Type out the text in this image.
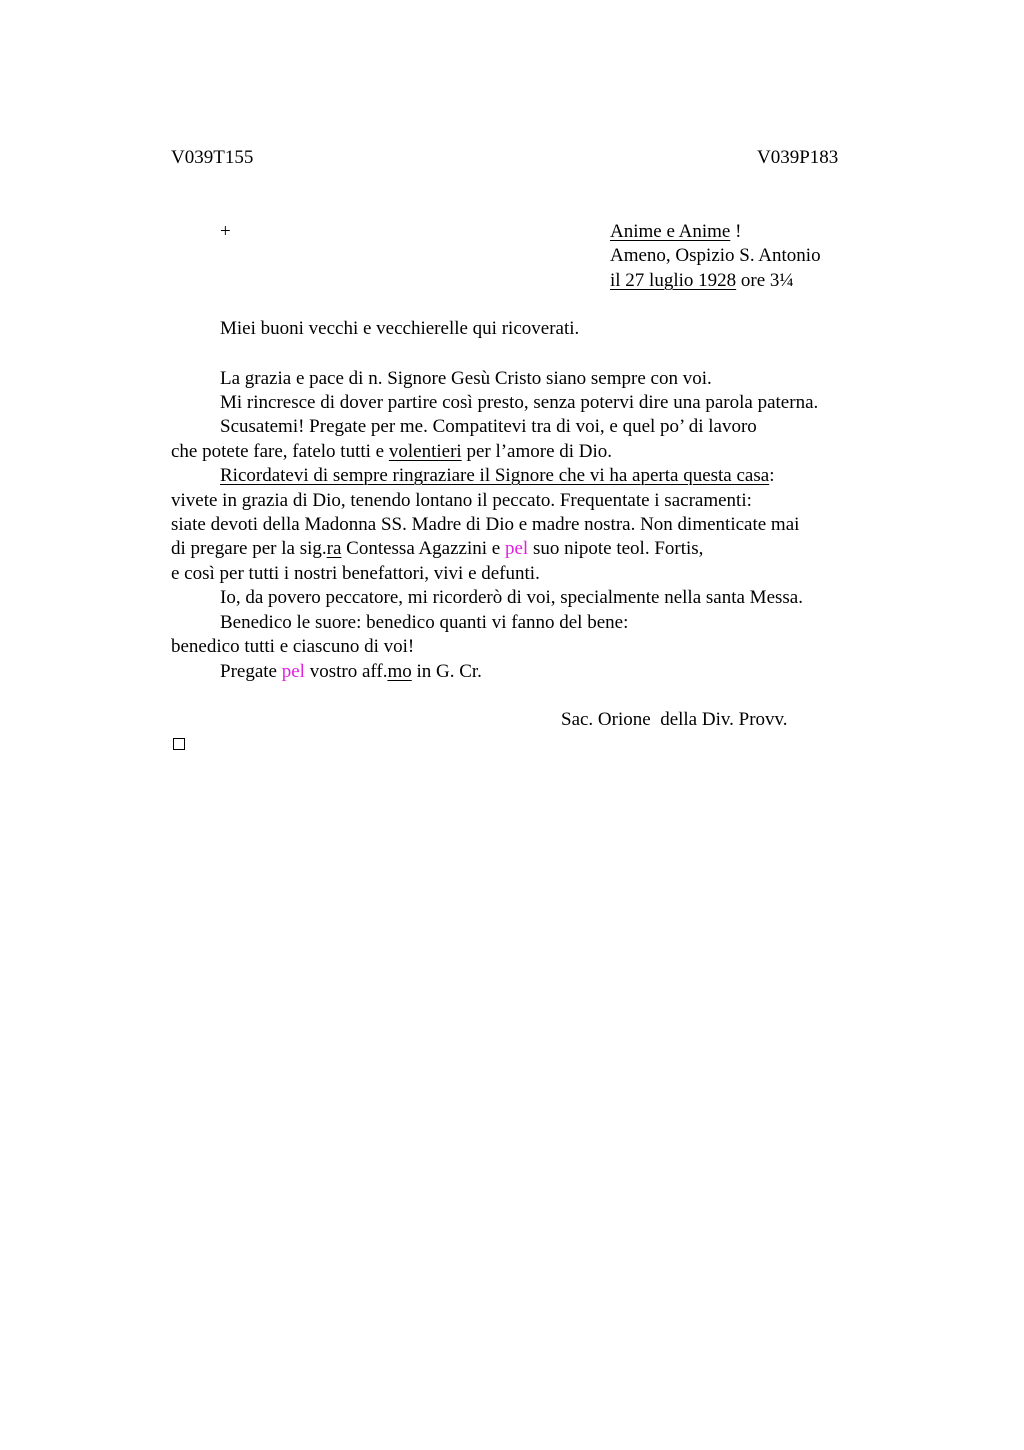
V039T155	V039P183
+	Anime e Anime !
Ameno, Ospizio S. Antonio
il 27 luglio 1928 ore 3¼
Miei buoni vecchi e vecchierelle qui ricoverati.
La grazia e pace di n. Signore Gesù Cristo siano sempre con voi.
Mi rincresce di dover partire così presto, senza potervi dire una parola paterna.
Scusatemi! Pregate per me. Compatitevi tra di voi, e quel po’ di lavoro
che potete fare, fatelo tutti e volentieri per l’amore di Dio.
Ricordatevi di sempre ringraziare il Signore che vi ha aperta questa casa:
vivete in grazia di Dio, tenendo lontano il peccato. Frequentate i sacramenti:
siate devoti della Madonna SS. Madre di Dio e madre nostra. Non dimenticate mai
di pregare per la sig.ra Contessa Agazzini e pel suo nipote teol. Fortis,
e così per tutti i nostri benefattori, vivi e defunti.
Io, da povero peccatore, mi ricorderò di voi, specialmente nella santa Messa.
Benedico le suore: benedico quanti vi fanno del bene:
benedico tutti e ciascuno di voi!
Pregate pel vostro aff.mo in G. Cr.
Sac. Orione  della Div. Provv.
